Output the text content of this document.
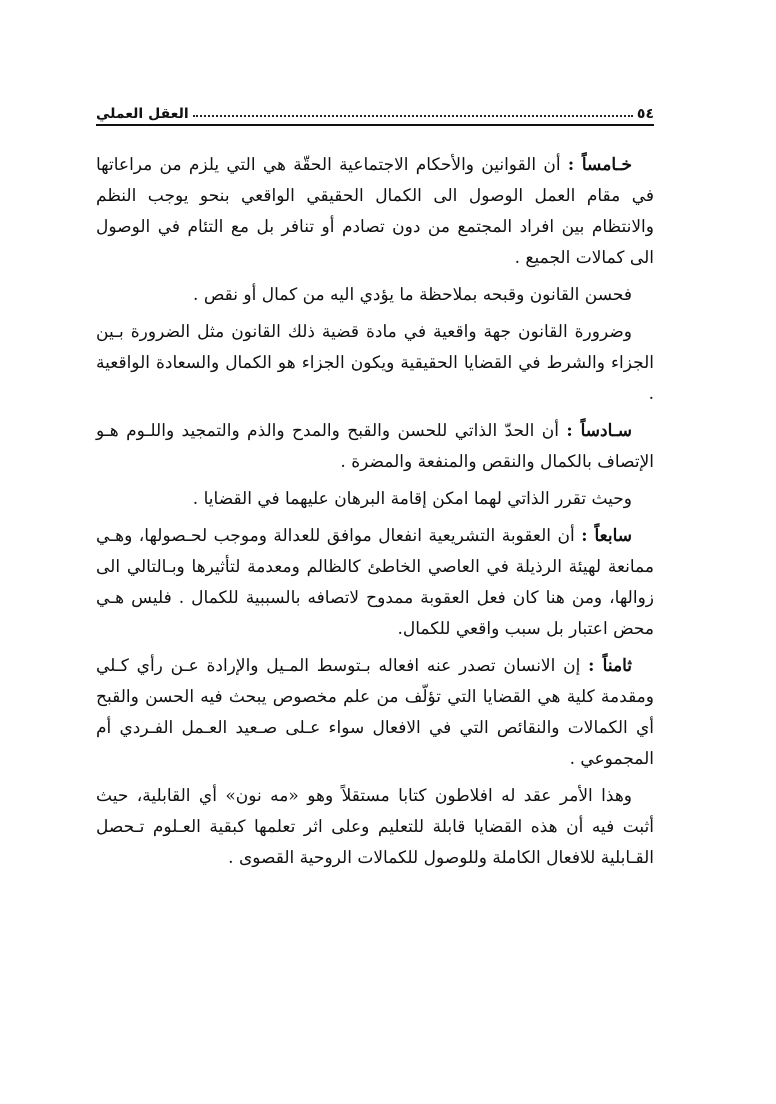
٥٤
العقل العملي

خـامساً : أن القوانين والأحكام الاجتماعية الحقّة هي التي يلزم من مراعاتها في مقام العمل الوصول الى الكمال الحقيقي الواقعي بنحو يوجب النظم والانتظام بين افراد المجتمع من دون تصادم أو تنافر بل مع التئام في الوصول الى كمالات الجميع .

فحسن القانون وقبحه بملاحظة ما يؤدي اليه من كمال أو نقص .

وضرورة القانون جهة واقعية في مادة قضية ذلك القانون مثل الضرورة بـين الجزاء والشرط في القضايا الحقيقية ويكون الجزاء هو الكمال والسعادة الواقعية .

سـادساً : أن الحدّ الذاتي للحسن والقبح والمدح والذم والتمجيد واللـوم هـو الإتصاف بالكمال والنقص والمنفعة والمضرة .

وحيث تقرر الذاتي لهما امكن إقامة البرهان عليهما في القضايا .

سابعاً : أن العقوبة التشريعية انفعال موافق للعدالة وموجب لحـصولها، وهـي ممانعة لهيئة الرذيلة في العاصي الخاطئ كالظالم ومعدمة لتأثيرها وبـالتالي الى زوالها، ومن هنا كان فعل العقوبة ممدوح لاتصافه بالسببية للكمال . فليس هـي محض اعتبار بل سبب واقعي للكمال.

ثامناً : إن الانسان تصدر عنه افعاله بـتوسط المـيل والإرادة عـن رأي كـلي ومقدمة كلية هي القضايا التي تؤلّف من علم مخصوص يبحث فيه الحسن والقبح أي الكمالات والنقائص التي في الافعال سواء عـلى صـعيد العـمل الفـردي أم المجموعي .

وهذا الأمر عقد له افلاطون كتابا مستقلاً وهو «مه نون» أي القابلية، حيث أثبت فيه أن هذه القضايا قابلة للتعليم وعلى اثر تعلمها كبقية العـلوم تـحصل القـابلية للافعال الكاملة وللوصول للكمالات الروحية القصوى .
